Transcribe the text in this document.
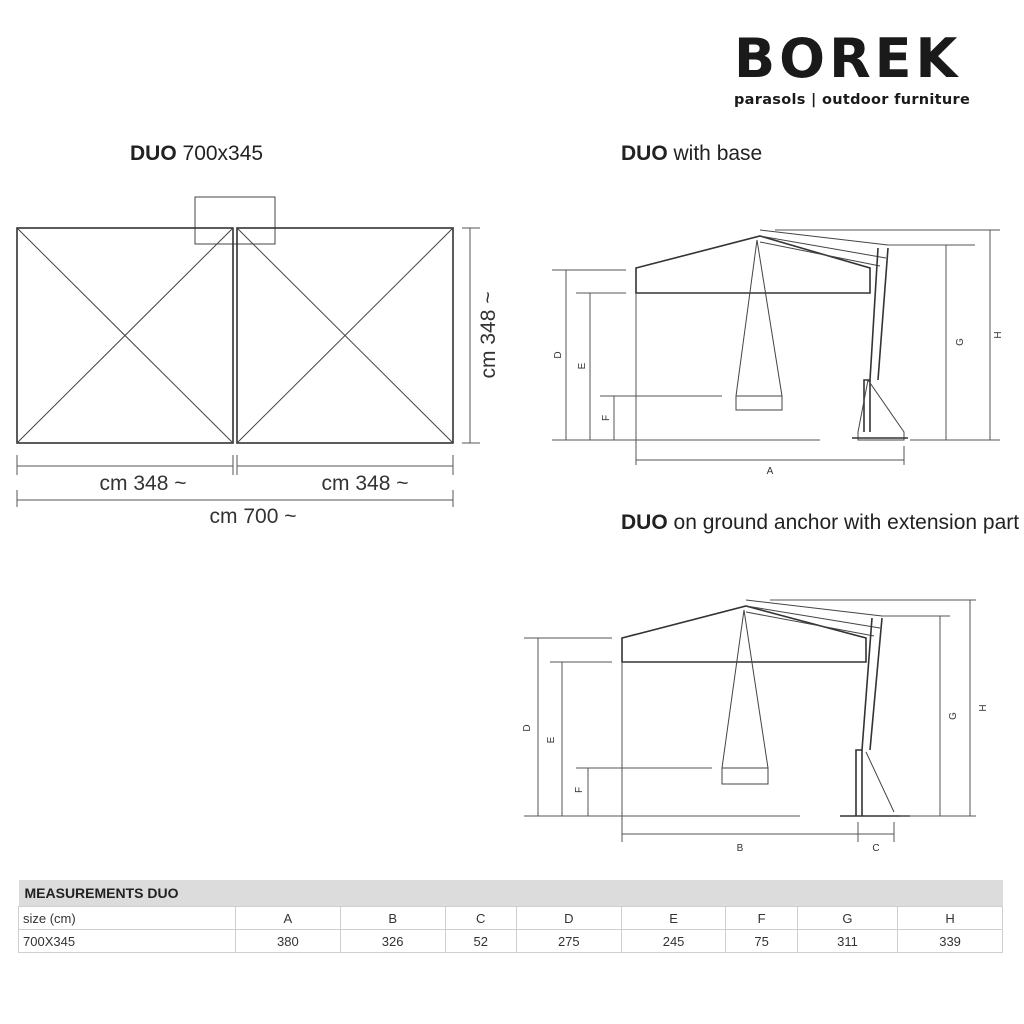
BOREK
parasols | outdoor furniture
DUO 700x345	DUO with base
DUO on ground anchor with extension part
cm 348 ~	cm 348 ~
cm 700 ~
cm 348 ~	D
E
F
A
G
H
D
E
F
B	C
G
H
MEASUREMENTS DUO								
size (cm)	A	B	C	D	E	F	G	H
700X345	380	326	52	275	245	75	311	339
